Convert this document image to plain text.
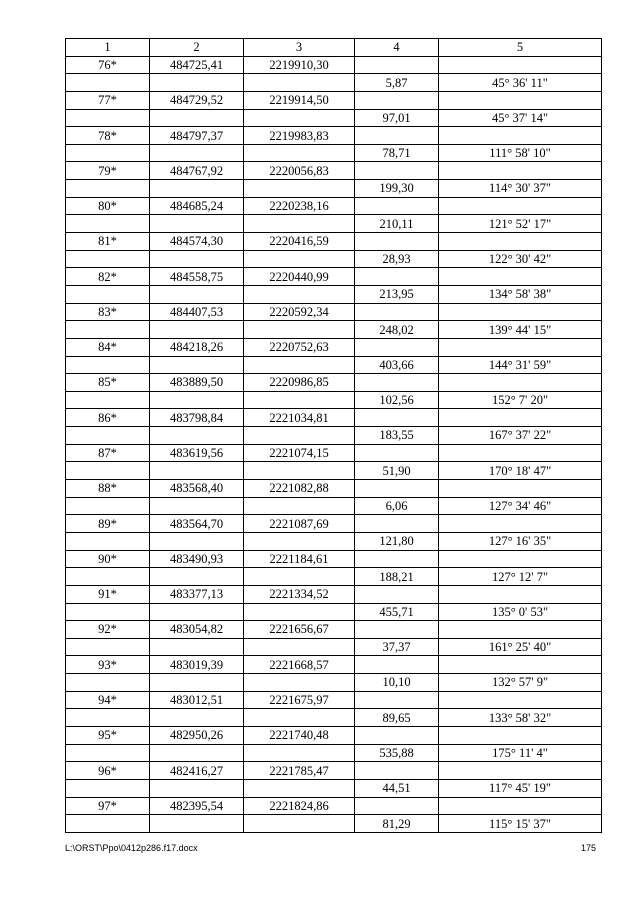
1	2	3	4	5
76*	484725,41	2219910,30		
			5,87	45° 36' 11"
77*	484729,52	2219914,50		
			97,01	45° 37' 14"
78*	484797,37	2219983,83		
			78,71	111° 58' 10"
79*	484767,92	2220056,83		
			199,30	114° 30' 37"
80*	484685,24	2220238,16		
			210,11	121° 52' 17"
81*	484574,30	2220416,59		
			28,93	122° 30' 42"
82*	484558,75	2220440,99		
			213,95	134° 58' 38"
83*	484407,53	2220592,34		
			248,02	139° 44' 15"
84*	484218,26	2220752,63		
			403,66	144° 31' 59"
85*	483889,50	2220986,85		
			102,56	152° 7' 20"
86*	483798,84	2221034,81		
			183,55	167° 37' 22"
87*	483619,56	2221074,15		
			51,90	170° 18' 47"
88*	483568,40	2221082,88		
			6,06	127° 34' 46"
89*	483564,70	2221087,69		
			121,80	127° 16' 35"
90*	483490,93	2221184,61		
			188,21	127° 12' 7"
91*	483377,13	2221334,52		
			455,71	135° 0' 53"
92*	483054,82	2221656,67		
			37,37	161° 25' 40"
93*	483019,39	2221668,57		
			10,10	132° 57' 9"
94*	483012,51	2221675,97		
			89,65	133° 58' 32"
95*	482950,26	2221740,48		
			535,88	175° 11' 4"
96*	482416,27	2221785,47		
			44,51	117° 45' 19"
97*	482395,54	2221824,86		
			81,29	115° 15' 37"
L:\ORST\Ppo\0412p286.f17.docx	175
